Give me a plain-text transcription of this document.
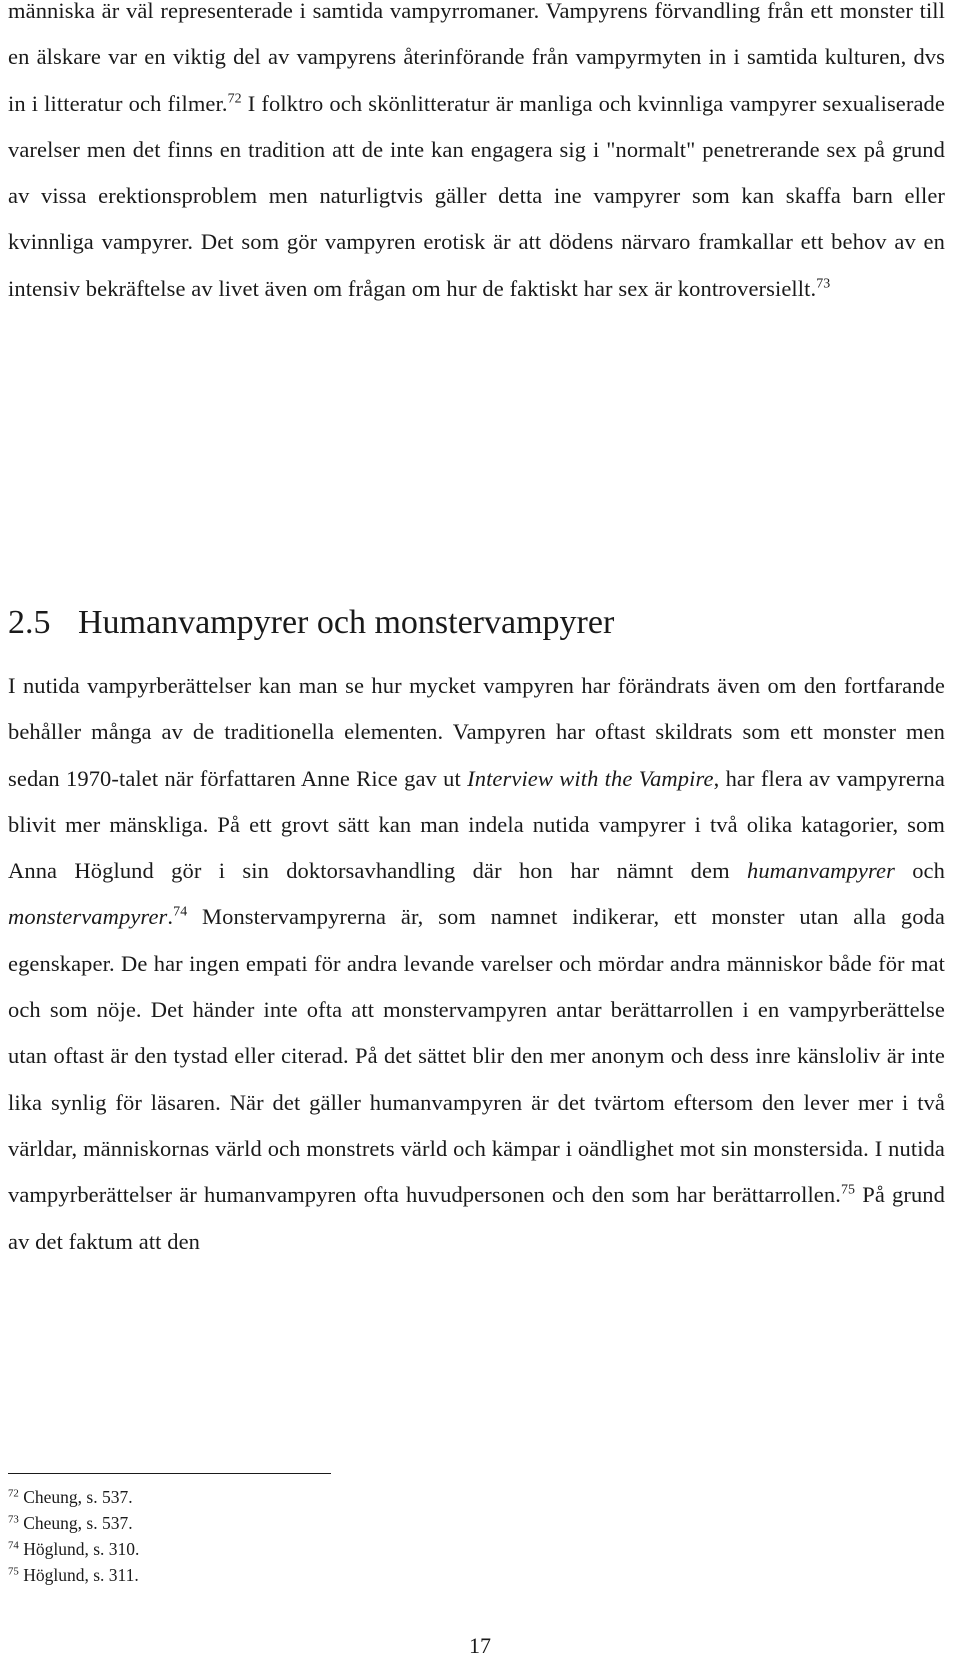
människa är väl representerade i samtida vampyrromaner. Vampyrens förvandling från ett monster till en älskare var en viktig del av vampyrens återinförande från vampyrmyten in i samtida kulturen, dvs in i litteratur och filmer.$^{72}$ I folktro och skönlitteratur är manliga och kvinnliga vampyrer sexualiserade varelser men det finns en tradition att de inte kan engagera sig i "normalt" penetrerande sex på grund av vissa erektionsproblem men naturligtvis gäller detta ine vampyrer som kan skaffa barn eller kvinnliga vampyrer. Det som gör vampyren erotisk är att dödens närvaro framkallar ett behov av en intensiv bekräftelse av livet även om frågan om hur de faktiskt har sex är kontroversiellt.$^{73}$

2.5 Humanvampyrer och monstervampyrer

I nutida vampyrberättelser kan man se hur mycket vampyren har förändrats även om den fortfarande behåller många av de traditionella elementen. Vampyren har oftast skildrats som ett monster men sedan 1970-talet när författaren Anne Rice gav ut Interview with the Vampire, har flera av vampyrerna blivit mer mänskliga. På ett grovt sätt kan man indela nutida vampyrer i två olika katagorier, som Anna Höglund gör i sin doktorsavhandling där hon har nämnt dem humanvampyrer och monstervampyrer.$^{74}$ Monstervampyrerna är, som namnet indikerar, ett monster utan alla goda egenskaper. De har ingen empati för andra levande varelser och mördar andra människor både för mat och som nöje. Det händer inte ofta att monstervampyren antar berättarrollen i en vampyrberättelse utan oftast är den tystad eller citerad. På det sättet blir den mer anonym och dess inre känsloliv är inte lika synlig för läsaren. När det gäller humanvampyren är det tvärtom eftersom den lever mer i två världar, människornas värld och monstrets värld och kämpar i oändlighet mot sin monstersida. I nutida vampyrberättelser är humanvampyren ofta huvudpersonen och den som har berättarrollen.$^{75}$ På grund av det faktum att den

$^{72}$ Cheung, s. 537.

$^{73}$ Cheung, s. 537.

$^{74}$ Höglund, s. 310.

$^{75}$ Höglund, s. 311.

17
